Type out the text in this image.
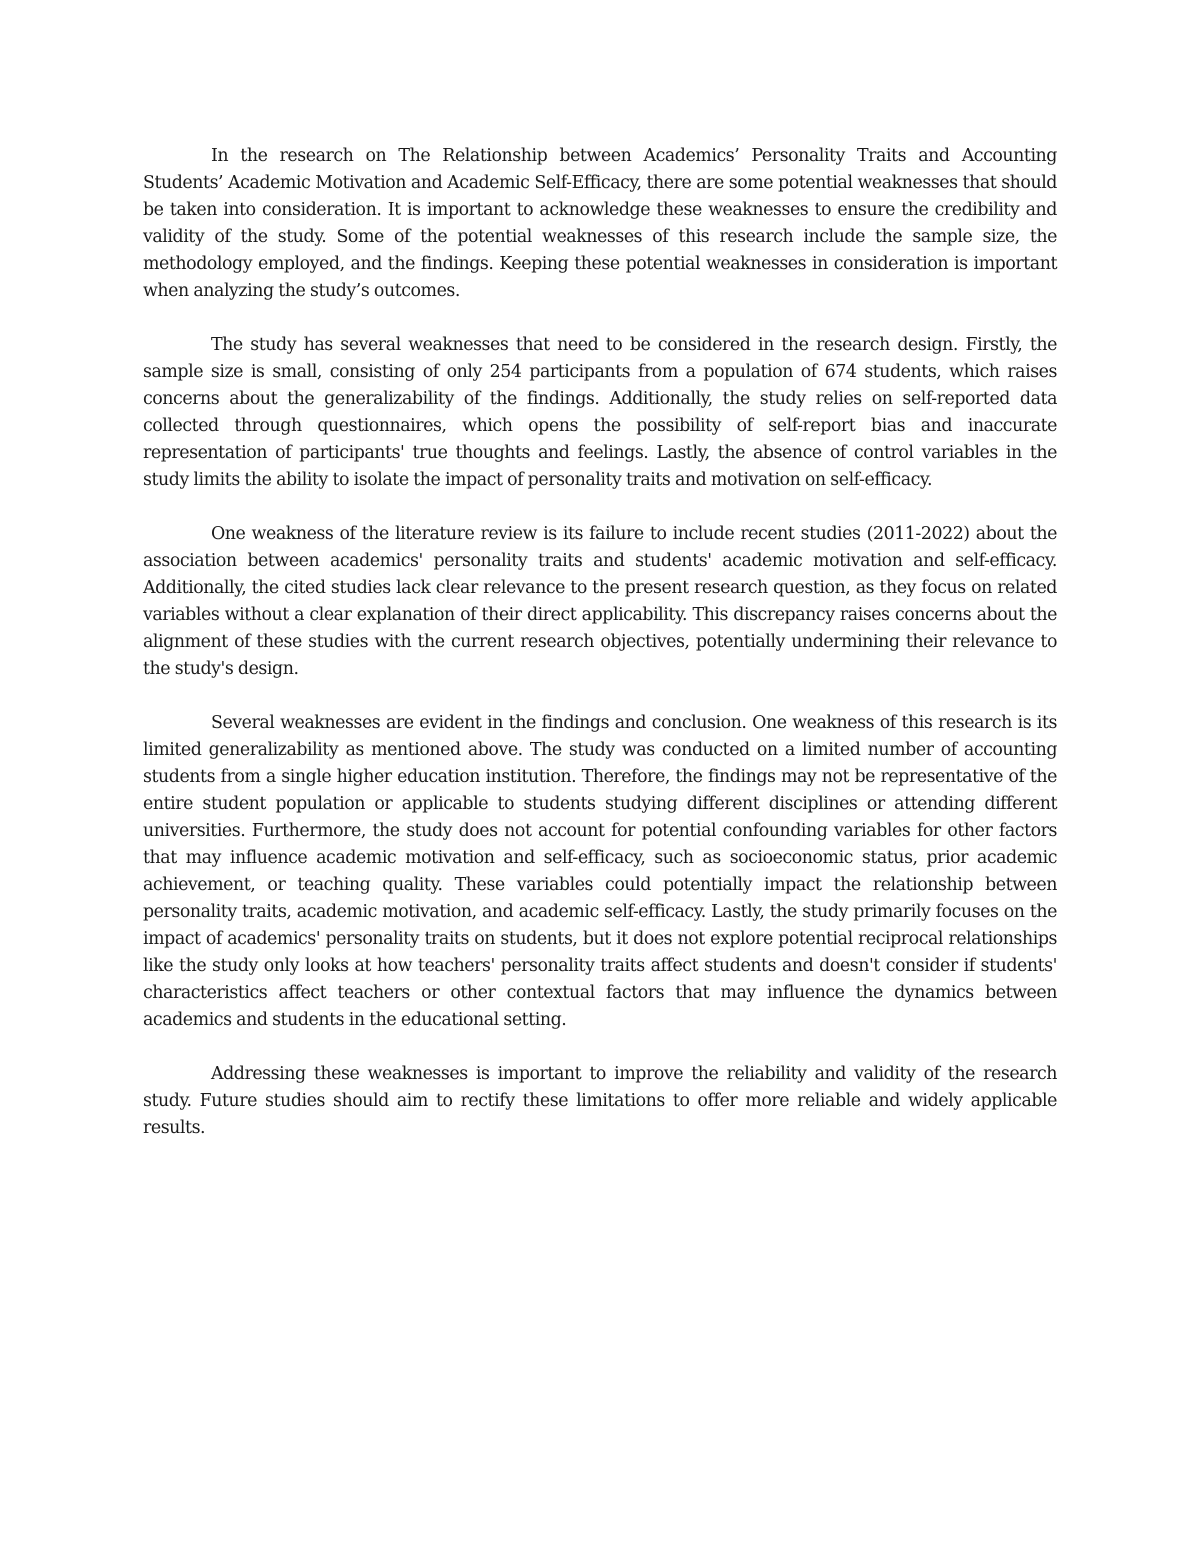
In the research on The Relationship between Academics’ Personality Traits and Accounting Students’ Academic Motivation and Academic Self-Efficacy, there are some potential weaknesses that should be taken into consideration. It is important to acknowledge these weaknesses to ensure the credibility and validity of the study. Some of the potential weaknesses of this research include the sample size, the methodology employed, and the findings. Keeping these potential weaknesses in consideration is important when analyzing the study’s outcomes.

The study has several weaknesses that need to be considered in the research design. Firstly, the sample size is small, consisting of only 254 participants from a population of 674 students, which raises concerns about the generalizability of the findings. Additionally, the study relies on self-reported data collected through questionnaires, which opens the possibility of self-report bias and inaccurate representation of participants' true thoughts and feelings. Lastly, the absence of control variables in the study limits the ability to isolate the impact of personality traits and motivation on self-efficacy.

One weakness of the literature review is its failure to include recent studies (2011-2022) about the association between academics' personality traits and students' academic motivation and self-efficacy. Additionally, the cited studies lack clear relevance to the present research question, as they focus on related variables without a clear explanation of their direct applicability. This discrepancy raises concerns about the alignment of these studies with the current research objectives, potentially undermining their relevance to the study's design.

Several weaknesses are evident in the findings and conclusion. One weakness of this research is its limited generalizability as mentioned above. The study was conducted on a limited number of accounting students from a single higher education institution. Therefore, the findings may not be representative of the entire student population or applicable to students studying different disciplines or attending different universities. Furthermore, the study does not account for potential confounding variables for other factors that may influence academic motivation and self-efficacy, such as socioeconomic status, prior academic achievement, or teaching quality. These variables could potentially impact the relationship between personality traits, academic motivation, and academic self-efficacy. Lastly, the study primarily focuses on the impact of academics' personality traits on students, but it does not explore potential reciprocal relationships like the study only looks at how teachers' personality traits affect students and doesn't consider if students' characteristics affect teachers or other contextual factors that may influence the dynamics between academics and students in the educational setting.

Addressing these weaknesses is important to improve the reliability and validity of the research study. Future studies should aim to rectify these limitations to offer more reliable and widely applicable results.
